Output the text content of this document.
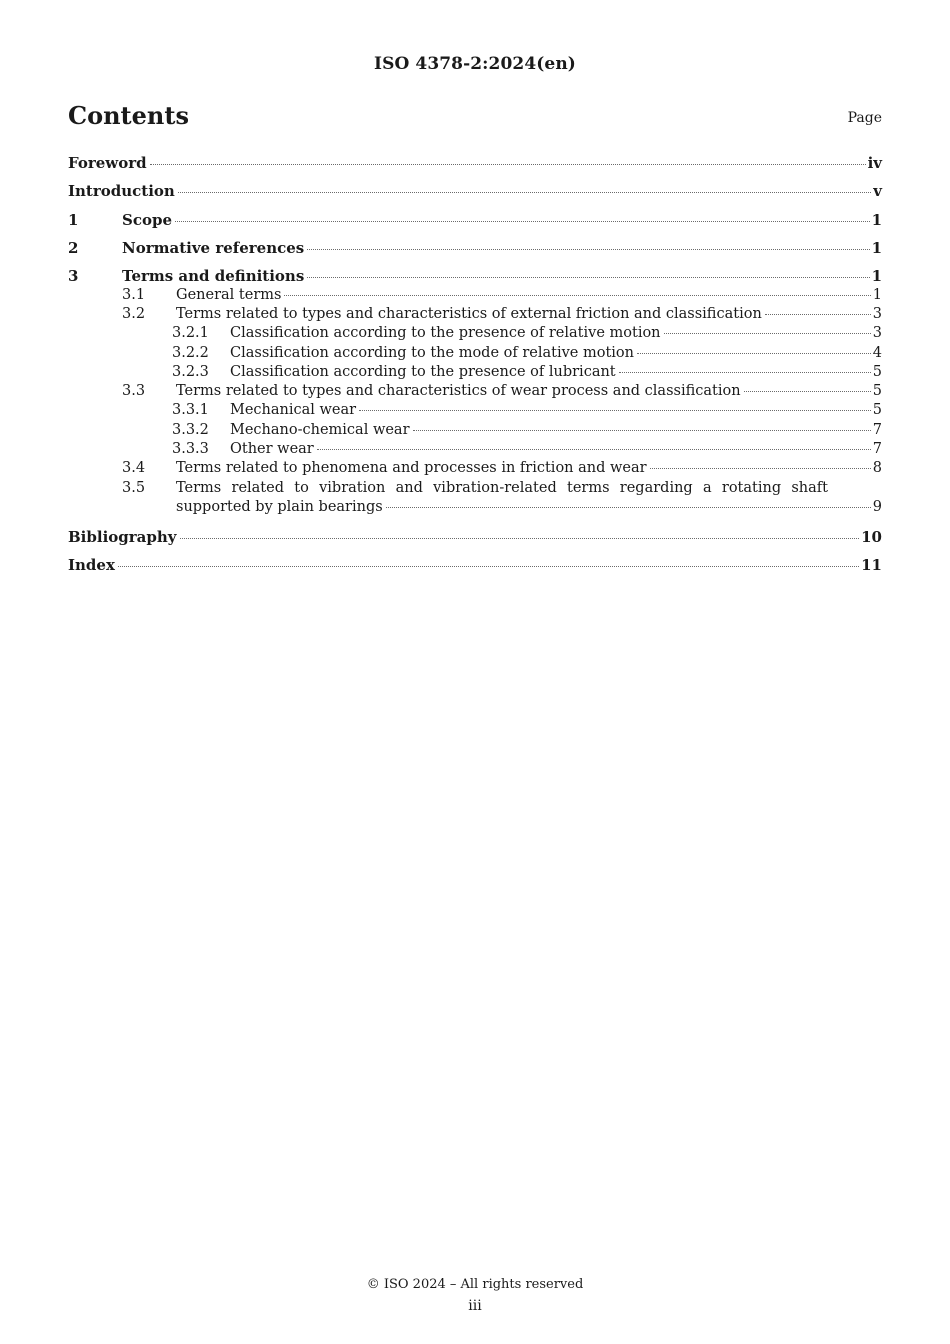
ISO 4378-2:2024(en)
Contents	Page
Foreword	iv
Introduction	v
1	Scope	1
2	Normative references	1
3	Terms and definitions	1
3.1	General terms	1
3.2	Terms related to types and characteristics of external friction and classification	3
3.2.1	Classification according to the presence of relative motion	3
3.2.2	Classification according to the mode of relative motion	4
3.2.3	Classification according to the presence of lubricant	5
3.3	Terms related to types and characteristics of wear process and classification	5
3.3.1	Mechanical wear	5
3.3.2	Mechano-chemical wear	7
3.3.3	Other wear	7
3.4	Terms related to phenomena and processes in friction and wear	8
3.5 Terms related to vibration and vibration-related terms regarding a rotating shaft
supported by plain bearings	9
Bibliography	10
Index	11
© ISO 2024 – All rights reserved
iii
